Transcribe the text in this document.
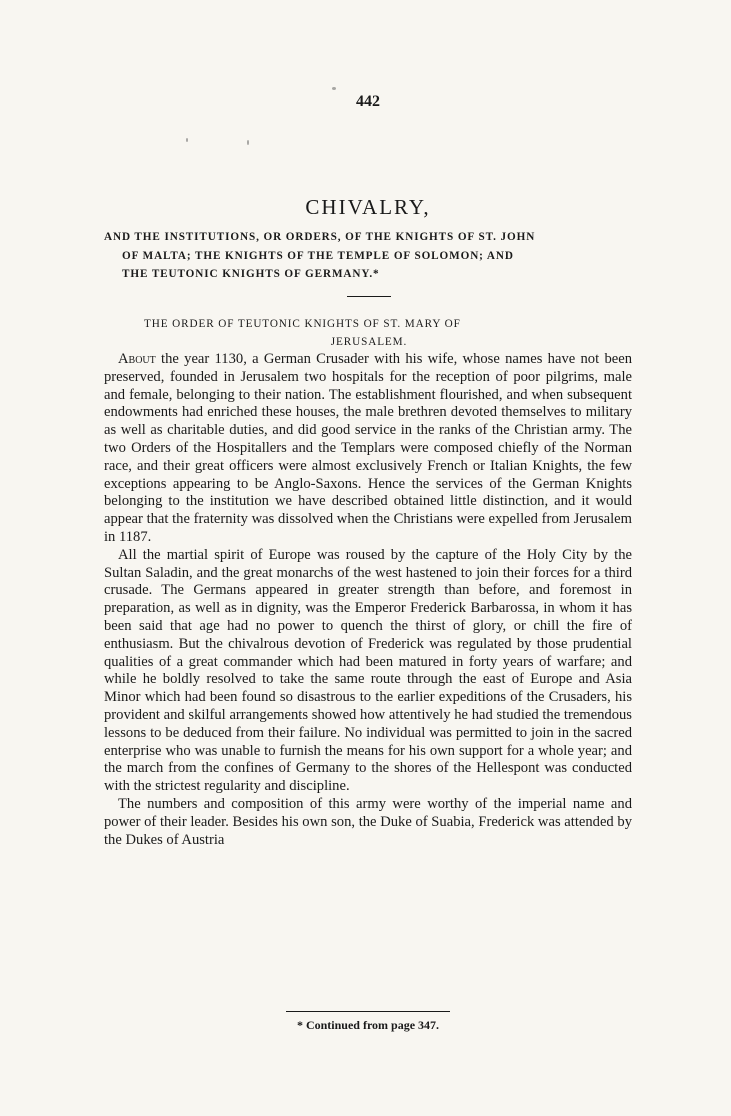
442
CHIVALRY,
AND THE INSTITUTIONS, OR ORDERS, OF THE KNIGHTS OF ST. JOHN
OF MALTA; THE KNIGHTS OF THE TEMPLE OF SOLOMON; AND
THE TEUTONIC KNIGHTS OF GERMANY.*
THE ORDER OF TEUTONIC KNIGHTS OF ST. MARY OF
JERUSALEM.

About the year 1130, a German Crusader with his wife, whose names have not been preserved, founded in Jerusalem two hospitals for the reception of poor pilgrims, male and female, belonging to their nation. The establishment flourished, and when subsequent endowments had enriched these houses, the male brethren devoted themselves to military as well as charitable duties, and did good service in the ranks of the Christian army. The two Orders of the Hospitallers and the Templars were composed chiefly of the Norman race, and their great officers were almost exclusively French or Italian Knights, the few exceptions appearing to be Anglo-Saxons. Hence the services of the German Knights belonging to the institution we have described obtained little distinction, and it would appear that the fraternity was dissolved when the Christians were expelled from Jerusalem in 1187.

All the martial spirit of Europe was roused by the capture of the Holy City by the Sultan Saladin, and the great monarchs of the west hastened to join their forces for a third crusade. The Germans appeared in greater strength than before, and foremost in preparation, as well as in dignity, was the Emperor Frederick Barbarossa, in whom it has been said that age had no power to quench the thirst of glory, or chill the fire of enthusiasm. But the chivalrous devotion of Frederick was regulated by those prudential qualities of a great commander which had been matured in forty years of warfare; and while he boldly resolved to take the same route through the east of Europe and Asia Minor which had been found so disastrous to the earlier expeditions of the Crusaders, his provident and skilful arrangements showed how attentively he had studied the tremendous lessons to be deduced from their failure. No individual was permitted to join in the sacred enterprise who was unable to furnish the means for his own support for a whole year; and the march from the confines of Germany to the shores of the Hellespont was conducted with the strictest regularity and discipline.

The numbers and composition of this army were worthy of the imperial name and power of their leader. Besides his own son, the Duke of Suabia, Frederick was attended by the Dukes of Austria

* Continued from page 347.
